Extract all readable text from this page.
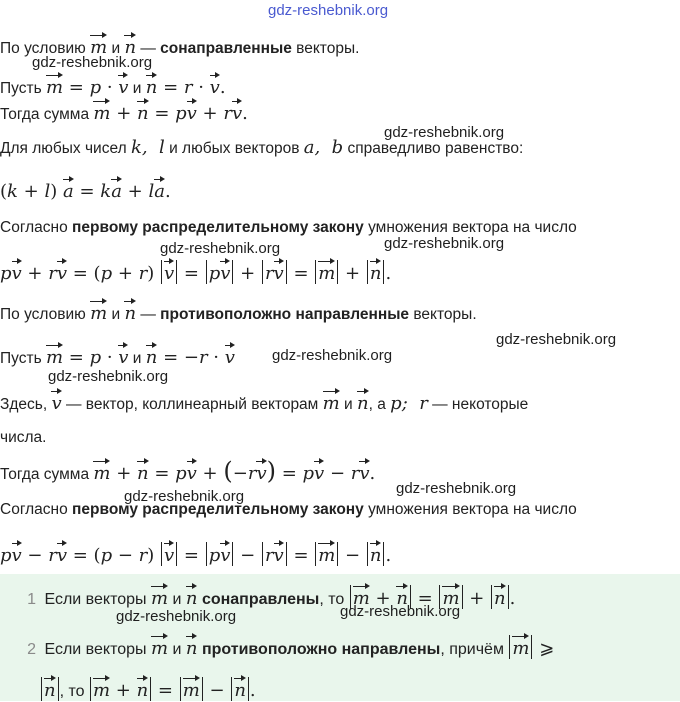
gdz-reshebnik.org
gdz-reshebnik.org
gdz-reshebnik.org
gdz-reshebnik.org	gdz-reshebnik.org
gdz-reshebnik.org
gdz-reshebnik.org
gdz-reshebnik.org
gdz-reshebnik.org
gdz-reshebnik.org
По условию m и n — сонаправленные векторы.
Пусть m = p · v и n = r · v.
Тогда сумма m + n = pv + rv.
Для любых чисел k,  l и любых векторов a,  b справедливо равенство:
(k + l) a = ka + la.
Согласно первому распределительному закону умножения вектора на число
pv + rv = (p + r) v = pv + rv = m + n .
По условию m и n — противоположно направленные векторы.
Пусть m = p · v и n = −r · v
Здесь, v — вектор, коллинеарный векторам m и n, а p;  r — некоторые
числа.
Тогда сумма m + n = pv + (−rv) = pv − rv.
Согласно первому распределительному закону умножения вектора на число
pv − rv = (p − r) v = pv − rv = m − n .
1 Если векторы m и n сонаправлены, то m + n = m + n .
2 Если векторы m и n противоположно направлены, причём m ⩾
n , то m + n = m − n .
gdz-reshebnik.org	gdz-reshebnik.org
